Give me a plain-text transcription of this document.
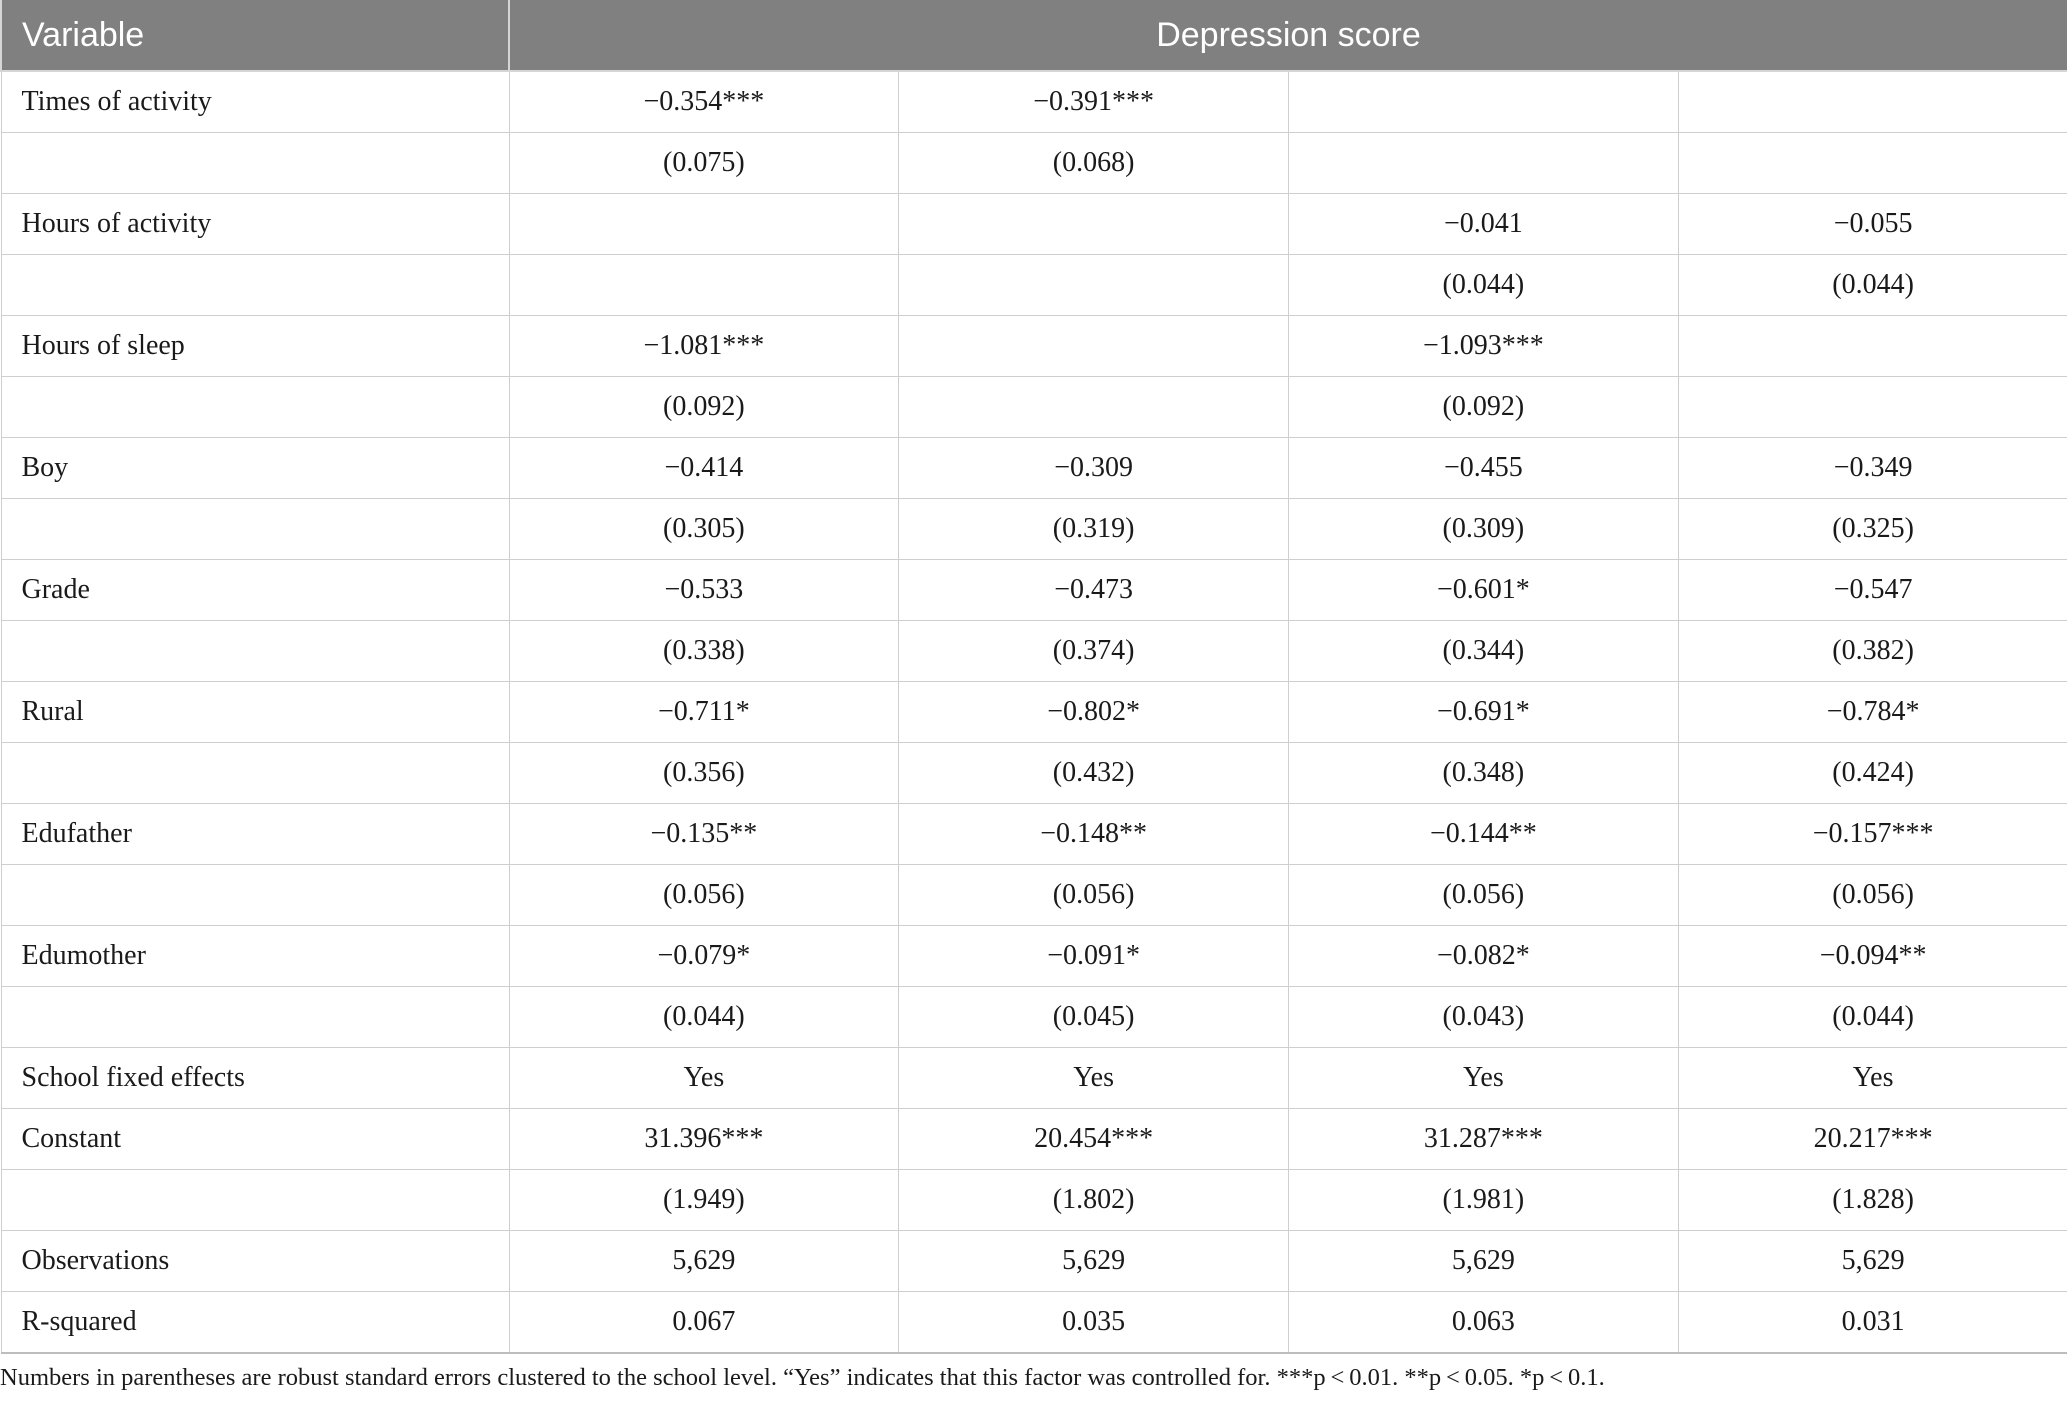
Variable	Depression score			
Times of activity	−0.354***	−0.391***		
	(0.075)	(0.068)		
Hours of activity			−0.041	−0.055
			(0.044)	(0.044)
Hours of sleep	−1.081***		−1.093***	
	(0.092)		(0.092)	
Boy	−0.414	−0.309	−0.455	−0.349
	(0.305)	(0.319)	(0.309)	(0.325)
Grade	−0.533	−0.473	−0.601*	−0.547
	(0.338)	(0.374)	(0.344)	(0.382)
Rural	−0.711*	−0.802*	−0.691*	−0.784*
	(0.356)	(0.432)	(0.348)	(0.424)
Edufather	−0.135**	−0.148**	−0.144**	−0.157***
	(0.056)	(0.056)	(0.056)	(0.056)
Edumother	−0.079*	−0.091*	−0.082*	−0.094**
	(0.044)	(0.045)	(0.043)	(0.044)
School fixed effects	Yes	Yes	Yes	Yes
Constant	31.396***	20.454***	31.287***	20.217***
	(1.949)	(1.802)	(1.981)	(1.828)
Observations	5,629	5,629	5,629	5,629
R-squared	0.067	0.035	0.063	0.031
Numbers in parentheses are robust standard errors clustered to the school level. “Yes” indicates that this factor was controlled for. ***p < 0.01. **p < 0.05. *p < 0.1.
